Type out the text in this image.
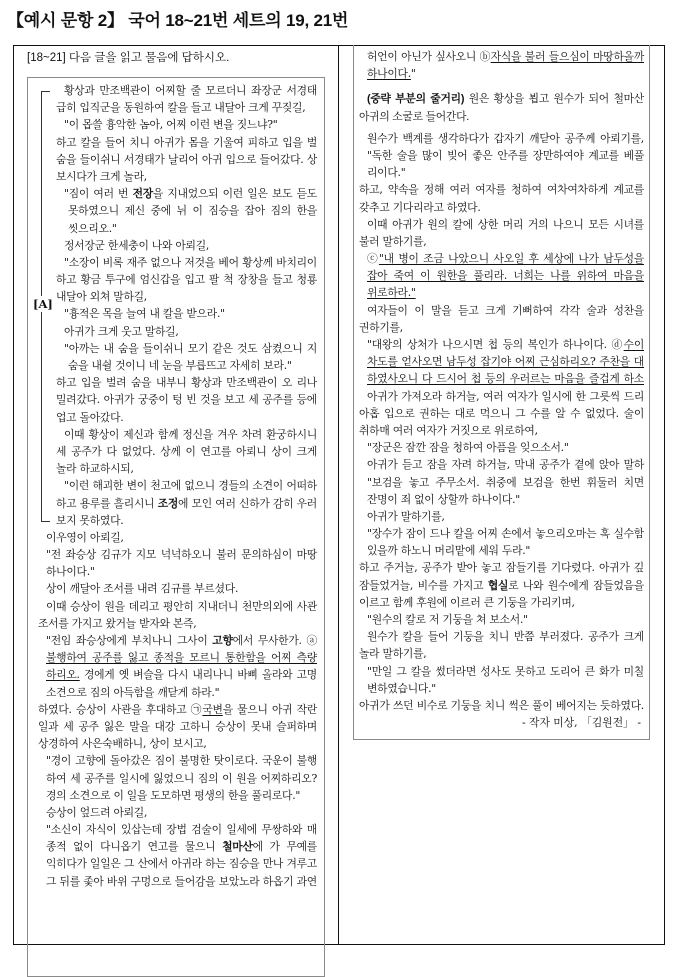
【예시 문항 2】 국어 18~21번 세트의 19, 21번
[18~21] 다음 글을 읽고 물음에 답하시오.
황상과 만조백관이 어찌할 줄 모르더니 좌장군 서경태
급히 입직군을 동원하여 칼을 들고 내달아 크게 꾸짖길,
"이 몹쓸 흉악한 놈아, 어찌 이런 변을 짓느냐?"
하고 칼을 들어 치니 아귀가 몸을 기울여 피하고 입을 벌
숨을 들이쉬니 서경태가 날리어 아귀 입으로 들어갔다. 상
보시다가 크게 놀라,
"짐이 여러 번 전장을 지내었으되 이런 일은 보도 듣도
못하였으니 제신 중에 뉘 이 짐승을 잡아 짐의 한을
씻으리오."
정서장군 한세충이 나와 아뢰길,
"소장이 비록 재주 없으나 저것을 베어 황상께 바치리이
하고 황금 투구에 엄신갑을 입고 팔 척 장창을 들고 청룡
내달아 외쳐 말하길,
"흉적은 목을 늘여 내 칼을 받으라."
아귀가 크게 웃고 말하길,
"아까는 내 숨을 들이쉬니 모기 같은 것도 삼켰으니 지
숨을 내쉴 것이니 네 눈을 부릅뜨고 자세히 보라."
하고 입을 벌려 숨을 내부니 황상과 만조백관이 오 리나
밀려갔다. 아귀가 궁중이 텅 빈 것을 보고 세 공주를 등에
업고 돌아갔다.
이때 황상이 제신과 함께 정신을 겨우 차려 환궁하시니
세 공주가 다 없었다. 상께 이 연고를 아뢰니 상이 크게
놀라 하교하시되,
"이런 해괴한 변이 천고에 없으니 경들의 소견이 어떠하
하고 용루를 흘리시니 조정에 모인 여러 신하가 감히 우러
보지 못하였다.
[A]
이우영이 아뢰길,
"전 좌승상 김규가 지모 넉넉하오니 불러 문의하심이 마땅
하나이다."
상이 깨달아 조서를 내려 김규를 부르셨다.
이때 승상이 원을 데리고 평안히 지내더니 천만의외에 사관
조서를 가지고 왔거늘 받자와 본즉,
"전임 좌승상에게 부치나니 그사이 고향에서 무사한가. ⓐ
불행하여 공주를 잃고 종적을 모르니 통한함을 어찌 측량
하리오. 경에게 옛 벼슬을 다시 내리나니 바삐 올라와 고명
소견으로 짐의 아득함을 깨닫게 하라."
하였다. 승상이 사관을 후대하고 ㉠국변을 물으니 아귀 작란
일과 세 공주 잃은 말을 대강 고하니 승상이 못내 슬퍼하며
상경하여 사은숙배하니, 상이 보시고,
"경이 고향에 돌아갔은 짐이 불명한 탓이로다. 국운이 불행
하여 세 공주를 일시에 잃었으니 짐의 이 원을 어찌하리오?
경의 소견으로 이 일을 도모하면 평생의 한을 풀리로다."
승상이 엎드려 아뢰길,
"소신이 자식이 있삽는데 장법 검술이 일세에 무쌍하와 매
종적 없이 다니옵기 연고를 물으니 철마산에 가 무예를
익히다가 일일은 그 산에서 아귀라 하는 짐승을 만나 겨루고
그 뒤를 좇아 바위 구멍으로 들어감을 보았노라 하옵기 과연
허언이 아닌가 싶사오니 ⓑ자식을 불러 들으심이 마땅하올까
하나이다."
(중략 부분의 줄거리) 원은 황상을 뵙고 원수가 되어 철마산
아귀의 소굴로 들어간다.
원수가 백계를 생각하다가 갑자기 깨닫아 공주께 아뢰기를,
"독한 술을 많이 빚어 좋은 안주를 장만하여야 계교를 베풀
리이다."
하고, 약속을 정해 여러 여자를 청하여 여차여차하게 계교를
갖추고 기다리라고 하였다.
이때 아귀가 원의 칼에 상한 머리 거의 나으니 모든 시녀를
불러 말하기를,
ⓒ"내 병이 조금 나았으니 사오일 후 세상에 나가 남두성을
잡아 죽여 이 원한을 풀리라. 너희는 나를 위하여 마음을
위로하라."
여자들이 이 말을 듣고 크게 기뻐하여 각각 술과 성찬을
권하기를,
"대왕의 상처가 나으시면 첩 등의 복인가 하나이다. ⓓ수이
차도를 얻사오면 남두성 잡기야 어찌 근심하리오? 주찬을 대
하였사오니 다 드시어 첩 등의 우러르는 마음을 즐겁게 하소
아귀가 가져오라 하거늘, 여러 여자가 일시에 한 그릇씩 드리
아홉 입으로 권하는 대로 먹으니 그 수를 알 수 없었다. 술이
취하매 여러 여자가 거짓으로 위로하여,
"장군은 잠깐 잠을 청하여 아픔을 잊으소서."
아귀가 듣고 잠을 자려 하거늘, 막내 공주가 곁에 앉아 말하
"보검을 놓고 주무소서. 취중에 보검을 한번 휘둘러 치면
잔명이 죄 없이 상할까 하나이다."
아귀가 말하기를,
"장수가 잠이 드나 칼을 어찌 손에서 놓으리오마는 혹 실수함
있을까 하노니 머리맡에 세워 두라."
하고 주거늘, 공주가 받아 놓고 잠들기를 기다렸다. 아귀가 깊
잠들었거늘, 비수를 가지고 협실로 나와 원수에게 잠들었음을
이르고 함께 후원에 이르러 큰 기둥을 가리키며,
"원수의 칼로 저 기둥을 쳐 보소서."
원수가 칼을 들어 기둥을 치니 반쯤 부러졌다. 공주가 크게
놀라 말하기를,
"만일 그 칼을 썼더라면 성사도 못하고 도리어 큰 화가 미칠
변하였습니다."
아귀가 쓰던 비수로 기둥을 치니 썩은 풀이 베어지는 듯하였다.
- 작자 미상, 「김원전」 -
